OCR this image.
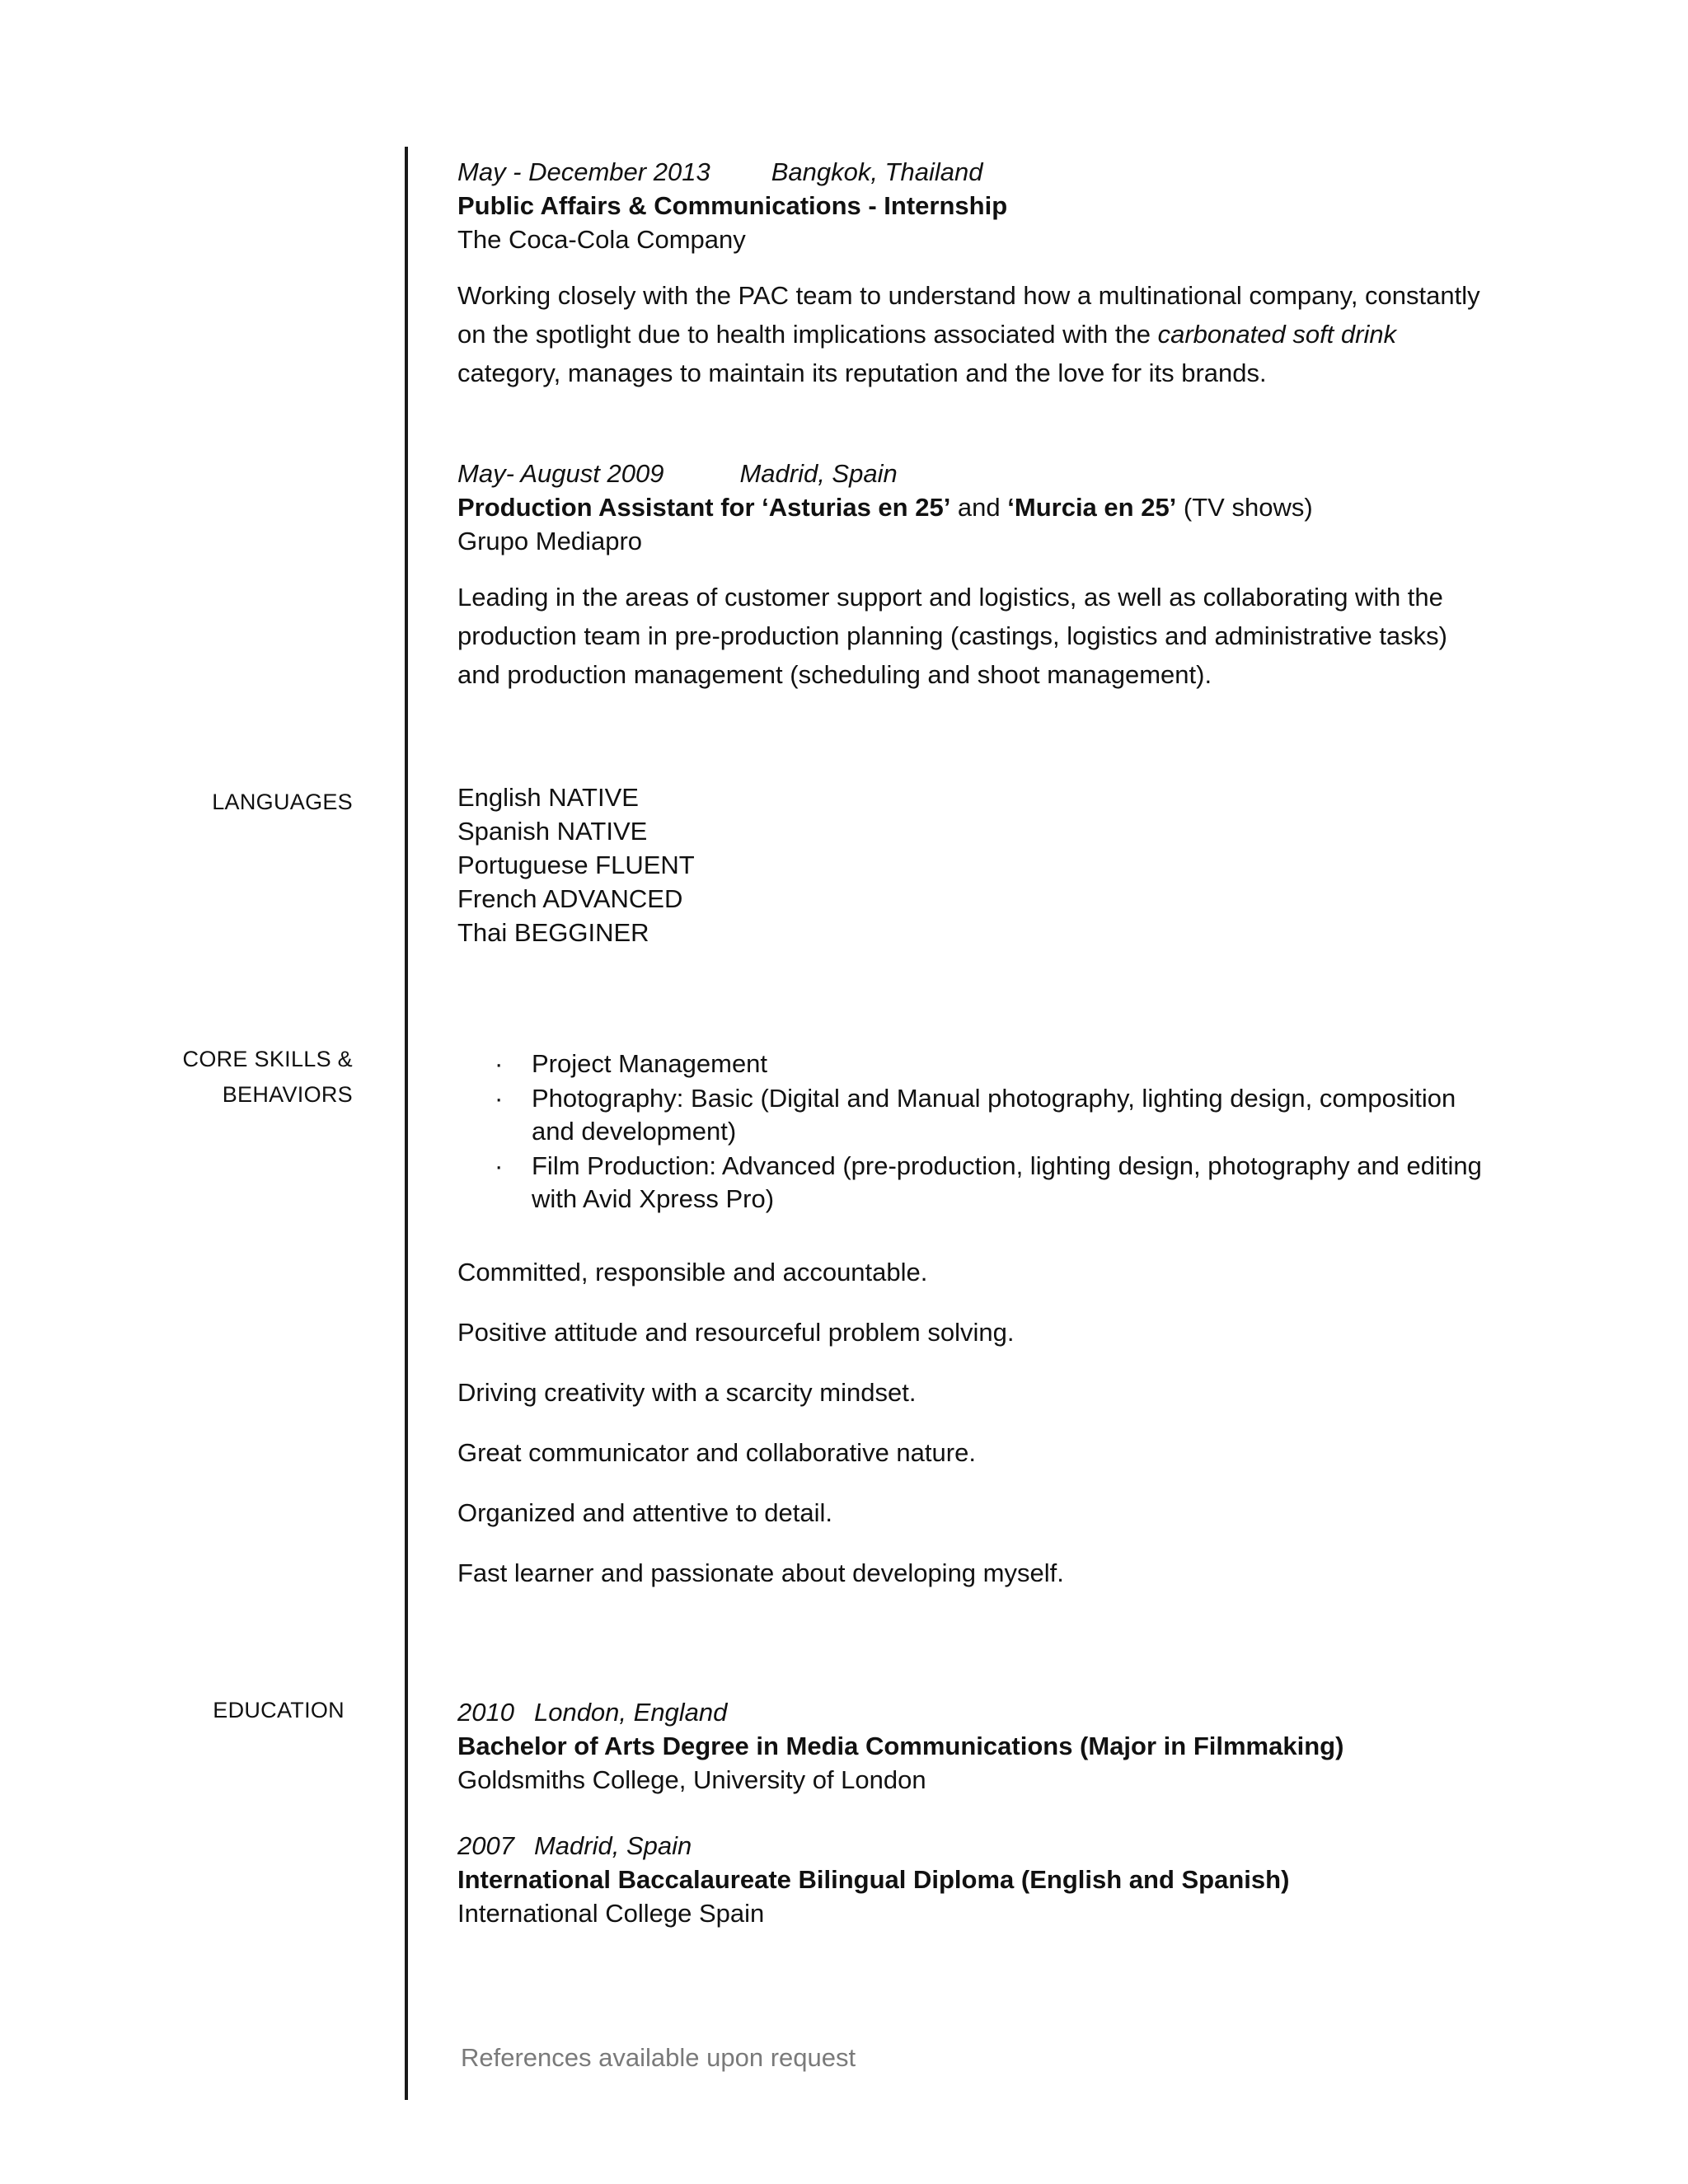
May - December 2013 Bangkok, Thailand
Public Affairs & Communications - Internship
The Coca-Cola Company

Working closely with the PAC team to understand how a multinational company, constantly on the spotlight due to health implications associated with the carbonated soft drink category, manages to maintain its reputation and the love for its brands.

May- August 2009	Madrid, Spain
Production Assistant for ‘Asturias en 25’ and ‘Murcia en 25’ (TV shows)
Grupo Mediapro

Leading in the areas of customer support and logistics, as well as collaborating with the production team in pre-production planning (castings, logistics and administrative tasks) and production management (scheduling and shoot management).

LANGUAGES	English NATIVE
Spanish NATIVE
Portuguese FLUENT
French ADVANCED
Thai BEGGINER
CORE SKILLS &
BEHAVIORS
· Project Management
· Photography: Basic (Digital and Manual photography, lighting design, composition and development)
· Film Production: Advanced (pre-production, lighting design, photography and editing with Avid Xpress Pro)

Committed, responsible and accountable.

Positive attitude and resourceful problem solving.

Driving creativity with a scarcity mindset.

Great communicator and collaborative nature.

Organized and attentive to detail.

Fast learner and passionate about developing myself.

EDUCATION	2010 London, England
Bachelor of Arts Degree in Media Communications (Major in Filmmaking)
Goldsmiths College, University of London
2007 Madrid, Spain
International Baccalaureate Bilingual Diploma (English and Spanish)
International College Spain
References available upon request
